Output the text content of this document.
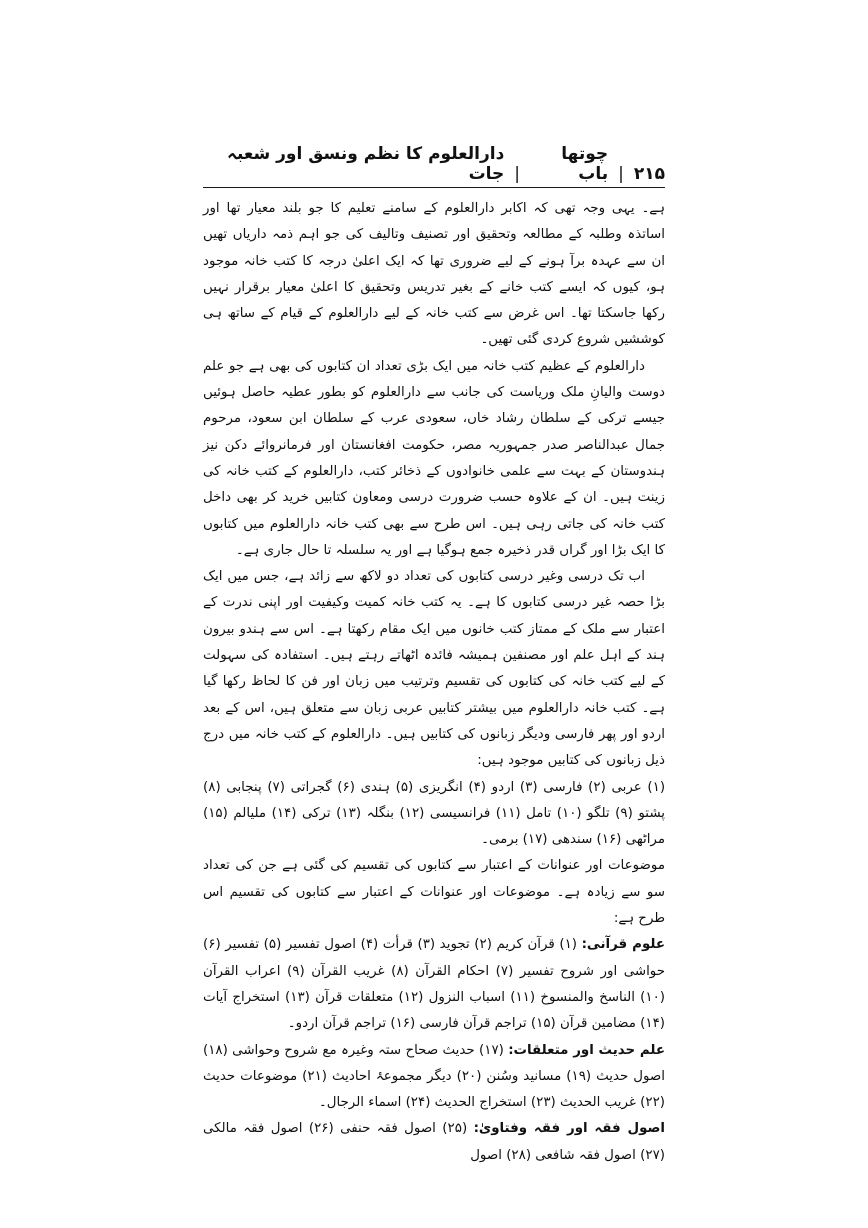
۲۱۵
|
چوتھا باب
|
دارالعلوم کا نظم ونسق اور شعبہ جات

ہے۔ یہی وجہ تھی کہ اکابر دارالعلوم کے سامنے تعلیم کا جو بلند معیار تھا اور اساتذہ وطلبہ کے مطالعہ وتحقیق اور تصنیف وتالیف کی جو اہم ذمہ داریاں تھیں ان سے عہدہ برآ ہونے کے لیے ضروری تھا کہ ایک اعلیٰ درجہ کا کتب خانہ موجود ہو، کیوں کہ ایسے کتب خانے کے بغیر تدریس وتحقیق کا اعلیٰ معیار برقرار نہیں رکھا جاسکتا تھا۔ اس غرض سے کتب خانہ کے لیے دارالعلوم کے قیام کے ساتھ ہی کوششیں شروع کردی گئی تھیں۔

دارالعلوم کے عظیم کتب خانہ میں ایک بڑی تعداد ان کتابوں کی بھی ہے جو علم دوست والیانِ ملک وریاست کی جانب سے دارالعلوم کو بطور عطیہ حاصل ہوئیں جیسے ترکی کے سلطان رشاد خاں، سعودی عرب کے سلطان ابن سعود، مرحوم جمال عبدالناصر صدر جمہوریہ مصر، حکومت افغانستان اور فرمانروائے دکن نیز ہندوستان کے بہت سے علمی خانوادوں کے ذخائر کتب، دارالعلوم کے کتب خانہ کی زینت ہیں۔ ان کے علاوہ حسب ضرورت درسی ومعاون کتابیں خرید کر بھی داخل کتب خانہ کی جاتی رہی ہیں۔ اس طرح سے بھی کتب خانہ دارالعلوم میں کتابوں کا ایک بڑا اور گراں قدر ذخیرہ جمع ہوگیا ہے اور یہ سلسلہ تا حال جاری ہے۔

اب تک درسی وغیر درسی کتابوں کی تعداد دو لاکھ سے زائد ہے، جس میں ایک بڑا حصہ غیر درسی کتابوں کا ہے۔ یہ کتب خانہ کمیت وکیفیت اور اپنی ندرت کے اعتبار سے ملک کے ممتاز کتب خانوں میں ایک مقام رکھتا ہے۔ اس سے ہندو بیرون ہند کے اہل علم اور مصنفین ہمیشہ فائدہ اٹھاتے رہتے ہیں۔ استفادہ کی سہولت کے لیے کتب خانہ کی کتابوں کی تقسیم وترتیب میں زبان اور فن کا لحاظ رکھا گیا ہے۔ کتب خانہ دارالعلوم میں بیشتر کتابیں عربی زبان سے متعلق ہیں، اس کے بعد اردو اور پھر فارسی ودیگر زبانوں کی کتابیں ہیں۔ دارالعلوم کے کتب خانہ میں درج ذیل زبانوں کی کتابیں موجود ہیں:

(۱) عربی (۲) فارسی (۳) اردو (۴) انگریزی (۵) ہندی (۶) گجراتی (۷) پنجابی (۸) پشتو (۹) تلگو (۱۰) تامل (۱۱) فرانسیسی (۱۲) بنگلہ (۱۳) ترکی (۱۴) ملیالم (۱۵) مراٹھی (۱۶) سندھی (۱۷) برمی۔

موضوعات اور عنوانات کے اعتبار سے کتابوں کی تقسیم کی گئی ہے جن کی تعداد سو سے زیادہ ہے۔ موضوعات اور عنوانات کے اعتبار سے کتابوں کی تقسیم اس طرح ہے:

علوم قرآنی: (۱) قرآن کریم (۲) تجوید (۳) قرأت (۴) اصول تفسیر (۵) تفسیر (۶) حواشی اور شروح تفسیر (۷) احکام القرآن (۸) غریب القرآن (۹) اعراب القرآن (۱۰) الناسخ والمنسوخ (۱۱) اسباب النزول (۱۲) متعلقات قرآن (۱۳) استخراج آیات (۱۴) مضامین قرآن (۱۵) تراجم قرآن فارسی (۱۶) تراجم قرآن اردو۔

علم حدیث اور متعلقات: (۱۷) حدیث صحاح ستہ وغیرہ مع شروح وحواشی (۱۸) اصول حدیث (۱۹) مسانید وسُنن (۲۰) دیگر مجموعۂ احادیث (۲۱) موضوعات حدیث (۲۲) غریب الحدیث (۲۳) استخراج الحدیث (۲۴) اسماء الرجال۔

اصول فقہ اور فقہ وفتاویٰ: (۲۵) اصول فقہ حنفی (۲۶) اصول فقہ مالکی (۲۷) اصول فقہ شافعی (۲۸) اصول
